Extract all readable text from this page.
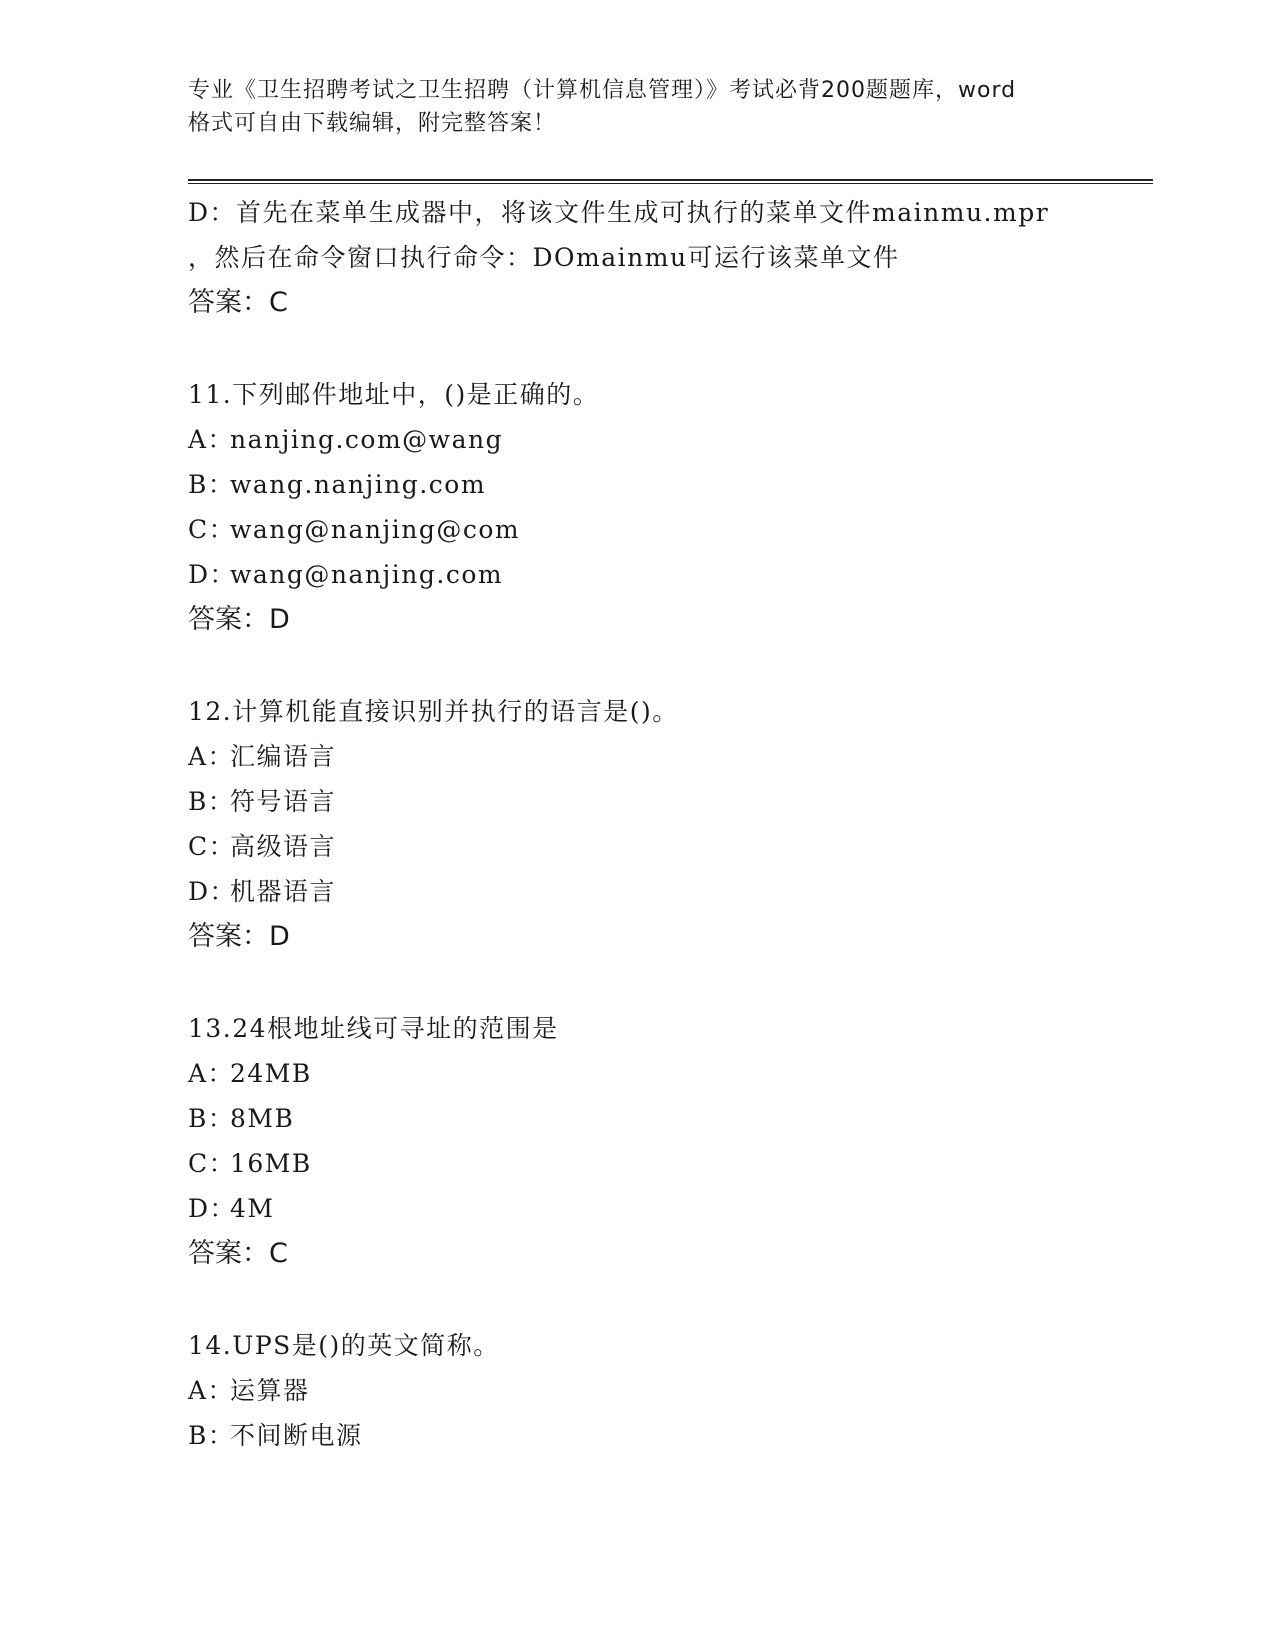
专业《卫生招聘考试之卫生招聘（计算机信息管理）》考试必背200题题库，word
格式可自由下载编辑，附完整答案！
D：首先在菜单生成器中，将该文件生成可执行的菜单文件mainmu.mpr
，然后在命令窗口执行命令：DOmainmu可运行该菜单文件
答案：C
11.下列邮件地址中，()是正确的。
A：nanjing.com@wang
B：wang.nanjing.com
C：wang@nanjing@com
D：wang@nanjing.com
答案：D
12.计算机能直接识别并执行的语言是()。
A：汇编语言
B：符号语言
C：高级语言
D：机器语言
答案：D
13.24根地址线可寻址的范围是
A：24MB
B：8MB
C：16MB
D：4M
答案：C
14.UPS是()的英文简称。
A：运算器
B：不间断电源
